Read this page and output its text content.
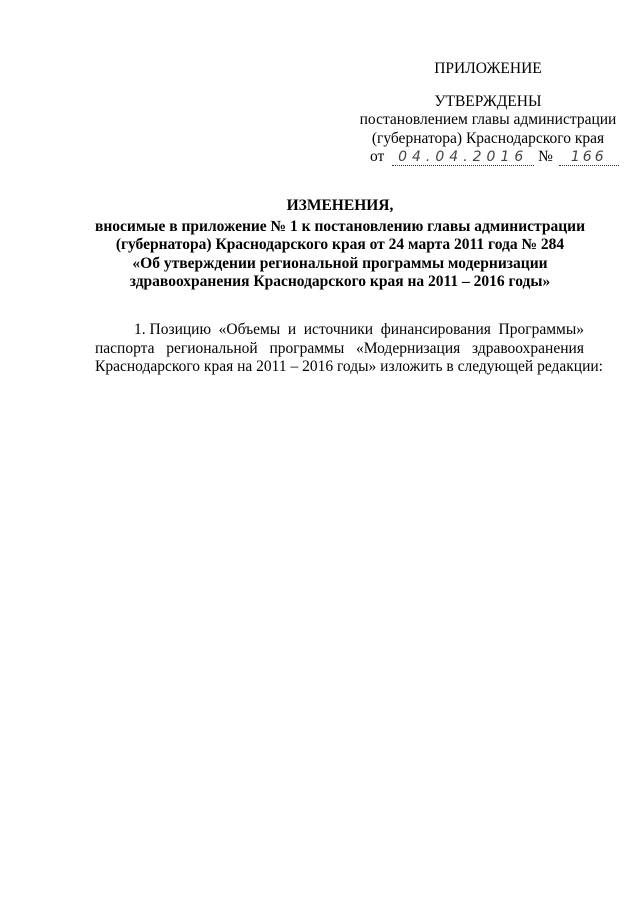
ПРИЛОЖЕНИЕ
УТВЕРЖДЕНЫ
постановлением главы администрации
(губернатора) Краснодарского края
от 04.04.2016 № 166
ИЗМЕНЕНИЯ,
вносимые в приложение № 1 к постановлению главы администрации
(губернатора) Краснодарского края от 24 марта 2011 года № 284
«Об утверждении региональной программы модернизации
здравоохранения Краснодарского края на 2011 – 2016 годы»
1. Позицию «Объемы и источники финансирования Программы»
паспорта региональной программы «Модернизация здравоохранения
Краснодарского края на 2011 – 2016 годы» изложить в следующей редакции:
